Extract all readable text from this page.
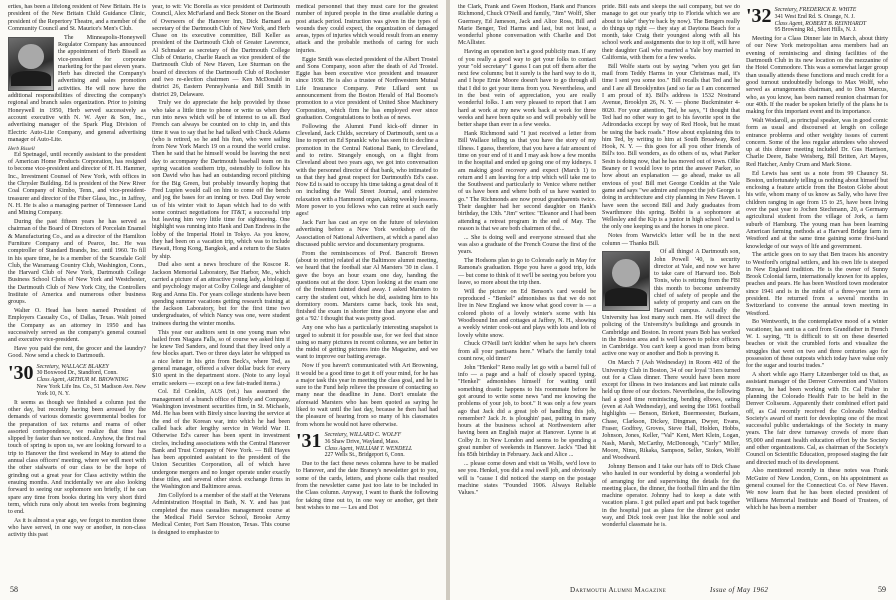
erties, has been a lifelong resident of New Britain. He is president of the New Britain Child Guidance Clinic, president of the Repertory Theatre, and a member of the Community Council and St. Maurice's Men's Club.

The Minneapolis-Honeywell Regulator Company has announced the appointment of Herb Bissell as vice-president for corporate marketing for the past eleven years. Herb has directed the Company's advertising and sales promotion activities. He will now have the additional responsibilities of directing the company's regional and branch sales organization. Prior to joining Honeywell in 1950, Herb served successively as account executive with N. W. Ayer & Son, Inc., advertising manager of the Spark Plug Division of Electric Auto-Lite Company, and general advertising manager of Auto-Lite.

Herb Bissell

Ed Spetnagel, until recently assistant to the president of American Home Products Corporation, has resigned to become vice-president and director of H. H. Hammer, Inc., Investment Counsel of New York, with offices in the Chrysler Building. Ed is president of the New River Coal Company of Kimbo, Tenn., and vice-president-treasurer and director of the Fiber Glass, Inc., in Jaffrey, N. H. He is also a managing partner of Tennessee Land and Mining Company.

During the past fifteen years he has served as chairman of the Board of Directors of Porcelain Enamel & Manufacturing Co., and as a director of the Hamilton Furniture Company and of Pearce, Inc. He was comptroller of Standard Brands, Inc. until 1960. To fill in his spare time, he is a member of the Scarsdale Golf Club, the Waramaug Country Club, Washington, Conn., the Harvard Club of New York, Dartmouth College Business School Clubs of New York and Westchester, the Dartmouth Club of New York City, the Controllers Institute of America and numerous other business groups.

Walter O. Head has been named President of Employers Casualty Co., of Dallas, Texas. Walt joined the Company as an attorney in 1950 and has successively served as the company's general counsel and executive vice-president.

Have you paid the rent, the grocer and the laundry? Good. Now send a check to Dartmouth.

'30 Secretary, WALLACE BLAKEY
30 Boxwood Dr., Standford, Conn.
Class Agent, ARTHUR M. BROWNING
New York Life Ins. Co., 51 Madison Ave. New York 10, N. Y.

It seems as though we finished a column just the other day, but recently having been aroused by the demands of various domestic governmental bodies for the preparation of tax returns and reams of other assorted corrispondence, we realize that time has slipped by faster than we noticed. Anyhow, the first real touch of spring is upon us, we are looking forward to a trip to Hanover the first weekend in May to attend the annual class officers' meeting, where we will meet with the other stalwarts of our class to be the hope of grinding out a great year for Class activity within the ensuing months. And incidentally we are also looking forward to seeing our sophomore son briefly, if he can spare any time from books during his very short third term, which runs only about ten weeks from beginning to end.

As it is almost a year ago, we forgot to mention those who have served, in one way or another, in non-class activity this past

year, to wit: Vic Borella as vice president of Dartmouth Council, Alex McFarland and Beck Stoner on the Board of Overseers of the Hanover Inn, Dick Barnard as secretary of the Dartmouth Club of New York, and Herb Chase on its executive committee, Bill Keller as president of the Dartmouth Club of Greater Lawrence, Al Schmaker as secretary of the Dartmouth College Club of Ontario, Charlie Rauch as vice president of the Dartmouth Club of New Haven, Lee Sturman on the board of directors of the Dartmouth Club of Rochester and two re-election chairmen — Ken McDonald in district 26, Eastern Pennsylvania and Bill Smith in district 29, Delaware.

Truly we do appreciate the help provided by those who take a little time to phone or write us when they run into news which will be of interest to us all. Bud French can always be counted on to chip in, and this time it was to say that he had talked with Chuck Adams (who is retired, so he and his fran, who were sailing from New York March 19 on a round the world cruise. Then he said that he himself would be leaving the next day to accompany the Dartmouth baseball team on its spring vacation southern trip, ostensibly to follow his son David who has had an outstanding record pitching for the Big Green, but probably inwardly hoping that Fred Lupien would call on him to come off the bench and jog the bases for an inning or two. Dud Day wrote us of his winter visit to Japan which had to do with some contract negotiations for IT&T, a successful trip but leaving him very little time for sightseeing. One highlight was running into Hank and Dan Endress in the lobby of the Imperial Hotel in Tokyo. As you know, they had been on a vacation trip, which was to include Hawaii, Hong Kong, Bangkok, and a return to the States by ship.

Dud also sent a news brochure of the Koscoe R. Jackson Memorial Laboratory, Bar Harbor, Me., which carried a picture of an attractive young lady, a biologist, and psychology major at Colby College and daughter of Reg and Anna Eis. For years college students have been spending summer vacations getting research training at the Jackson Laboratory, but for the first time two undergraduates, of which Nancy was one, were student trainees during the winter months.

This year our auditors sent in one young man who hailed from Niagara Falls, so of course we asked him if he knew Ted Sanders, and found that they lived only a few blocks apart. Two or three days later he whipped us a nice letter in his grin from Beck's, where Ted, as general manager, offered a silver dollar buck for every $10 spent in the department store. (Note to any loyal erratic seekers — except on a few fair-traded items.)

Col. Ed Conklin, AUS (ret.) has assumed the management of a branch office of Birely and Company, Washington investment securities firm, in St. Michaels, Md. He has been with Birely since leaving the service at the end of the Korean war, into which he had been called back after lengthy service in World War II. Otherwise Ed's career has been spent in investment circles, including associations with the Central Hanover Bank and Trust Company of New York. — Bill Hayes has been appointed assistant to the president of the Union Securities Corporation, all of which have undergone mergers and no longer operate under exactly these titles, and several other stock exchange firms in the Washington and Baltimore areas.

Jim Collyford is a member of the staff at the Veterans Administration Hospital in Bath, N. Y. and has just completed the mass casualties management course at the Medical Field Service School, Brooke Army Medical Center, Fort Sam Houston, Texas. This course is designed to emphasize to

medical personnel that they must care for the greatest number of injured people in the time available during a post attack period. Instruction was given in the types of wounds they could expect, the organization of damaged areas, types of injuries which would result from an enemy attack and the probable methods of caring for such injuries.

Eggie Smith was elected president of the Albert Trostel and Sons Company, soon after the death of Ad Trostel. Eggie has been executive vice president and treasurer since 1938. He is also a trustee of Northwestern Mutual Life Insurance Company. Pete Lillard sent us announcement from the Boston Herald of Hal Boomo's promotion to a vice president of United Shoe Machinery Corporation, which firm he has employed ever since graduation. Congratulations to both as of news.

Following the Alumni Fund kick-off dinner in Cleveland, Jack Childs, secretary of Dartmouth, sent us a line to report on Ed Spranklc who has seen fit to decline a promotion in the Central National Bank, to Cleveland, and to retire. Strangely enough, on a flight from Cleveland about two years ago, we got into conversation with the personnel director of that bank, who intimated to us that they had great respect for Dartmouth's Ed's case. Now Ed is said to occupy his time taking a great deal of it on including the Wall Street Journal, and extensive relaxation with a Hammond organ, taking weekly lessons. More power to you fellows who can retire at such early ages!

Jack Farr has cast an eye on the future of television advertising before a New York workshop of the Association of National Advertisers, at which a panel also discussed public service and documentary programs.

From the reminiscences of Prof. Bancroft Brown (about to retire) related at the Baltimore alumni meeting, we heard that the football star Al Marsters '30 in class. I gave the boys an hour exam one day, handing the questions out at the door. Upon looking at the exam one of the freshmen fainted dead away. I asked Marsters to carry the student out, which he did, assisting him to his dormitory room. Marsters came back, took his seat, finished the exam in shorter time than anyone else and got a '92.' I thought that was pretty good.

Any one who has a particularly interesting snapshot is urged to submit it for possible use, for we feel that since using so many pictures in recent columns, we are better in the midst of getting pictures into the Magazine, and we want to improve our batting average.

Now if you haven't communicated with Art Browning, it would be a good time to get it off your mind, for he has a major task this year in meeting the class goal, and he is sure to the Fund help relieve the pressure of contacting so many near the deadline in June. Don't emulate the aforesaid Marsters who has been quoted as saying he liked to wait until the last day, because he then had had the pleasure of hearing from so many of his classmates from whom he would not have otherwise.

'31 Secretary, WILLARD C. WOLFF
36 Shaw Drive, Wayland, Mass.
Class Agent, WILLIAM T. WENDELL
227 Wells St., Bridgeport 6, Conn.

Due to the fact these news columns have to be mailed to Hanover, and the date Braney's newsletter got to you, some of the cards, letters, and phone calls that resulted from the newsletter came just too late to be included in the Class column. Anyway, I want to thank the following for taking time out to, in one way or another, get their best wishes to me — Les and Dot

58

the Clark, Frank and Gwen Hodson, Hank and Frances Richmond, Chuck O'Neill and family, "Jim" Wolff, Sher Guernsey, Ed Jameson, Jack and Alice Ross, Bill and Marie Benger, Ted Harms and last, but not least, a wonderful phone conversation with Charlie and Dot McAllister.

Having an operation isn't a good publicity man. If any of you really a good way to get your folks to contact your "old secretary" I guess I can put off them after the next few columns; but it surely is the hard way to do it, and I hope Ernie Moore doesn't have to go through all that I did to get your items from you. Nevertheless, and in the best vein of appreciation, you are really wonderful folks. I am very pleased to report that I am hard at work at my new work back at work for three weeks and have been quite so and will probably will be better shape than ever in a few weeks.

Hank Richmond said "I just received a letter from Bill Wallace telling us that you have the story of my illness. I guess, therefore, that you have a fair amount of time on your end of it and I may ask how a few months in the hospital and ended up going one of my kidneys. I am making good recovery and expect (March 1) to return and I am leaving for a trip which will take me to the Southwest and particularly to Venice where neither of us have been and where both of us have wanted to go." The Richmonds are now proud grandparents twice. Their daughter had her second daughter on Hank's birthday, the 13th. "Jim" writes: "Eleanor and I had been attending a retreat program in the end of May. The reason is that we are both chairmen of the...

... She is doing well and everyone stressed that she was also a graduate of the French Course the first of the years.

The Hodsons plan to go to Colorado early in May for Ramona's graduation. Hope you have a good trip, kids — but come to think of it we'll be seeing you before you leave, so more about the trip then.

Will the picture on Ed Benson's card would be reproduced - "Benkel" admonishes us that we do not live in New England we know what good cover is — a colored photo of a lovely winter's scene with his Woodbound Inn and cottages at Jaffrey, N. H., showing a weekly winter cook-out and plays with lots and lots of lovely white snow.

Chuck O'Neill isn't kiddin' when he says he's cheers from all your partisans here." What's the family total count now, old timer?

John "Henkel" Reno really let go with a barrel full of info — a page and a half of closely spaced typing. "Henkel" admonishes himself for waiting until something drastic happens to his roommate before he got around to write some news "and me knowing the problems of your job, to boot." It was only a few years ago that Jack did a great job of handling this job, remember? Jack Jr. is ploughin' past, putting in many hours at the business school at Northwestern after having been an English major at Hanover. Lynne is at Colby Jr. in New London and seems to be spending a great number of weekends in Hanover. Jack's "Dad hit his 85th birthday in February. Jack and Alice ...

... please come down and visit us Wolfs, we'd love to see you. Henkel, you did a real swell job, and obviously will is "cause I did noticed the stamp on the postage machine states "Founded 1906. Always Reliable Values."

pride. Bill eats and sleeps the sail company, but we do manage to get our yearly trip to Florida which we are about to take" they're back by now). The Bengers really do things up right — they stay at Daytona Beach for a month, take Craig their youngest along with all his school work and assignments due to top it off, will have their daughter Gail who married a Yale boy married in California, with them for a few weeks.

Bill Wolfe starts out by saying "when you get fan mail from Teddy Harms in your Christmas mail, it's time I sent you some too." Bill recalls that Ted and he and I are all Brooklynites (and so far as I am concerned I am proud of it). Bill's address is 1532 Nostrand Avenue, Brooklyn 26, N. Y. — phone Buckminster 4-8020. For your attention, Ted, he says, "I thought that Ted had no other way to get to his favorite spot in the Adirondacks except by way of Red Hook, but he must be using the back roads." How about explaining this to him Ted, by writing to him at South Broadway, Red Hook, N. Y. — this goes for all you other friends of Bill's too. Bill wonders, as do others of us, what Parker Sesin is doing now, that he has moved out of town. Ollie Beaney or I would love to print the answer Parker, so how about an explanation — go ahead, make us all envious of you! Bill met George Conklin at the Yale game and says "we admire and respect the job George is doing in architecture and city planning in New Haven. I have seen the second Bill and Judy graduates from Swarthmore this spring. Bobbi is a sophomore at Wellesley and the Kip is a junior in high school "and is the only one keeping us and the horses in one piece.

Notes from Warwick's letter will be in the next column — Thanks Bill.

Of all things! A Dartmouth son, John Powell '40, is security director at Yale, and now we have to take care of Harvard too. Bob Tonis, who is retiring from the FBI this month to become university chief of safety of people and the safety of property and cars on the Harvard campus. Actually the University has lost many such men. He will direct the policing of the University's buildings and grounds in Cambridge and Boston. In recent years Bob has worked in the Boston area and is well known to police officers in Cambridge. You can't keep a good man from being active one way or another and Bob is proving it.

On March 7 (Ash Wednesday) in Room 402 of the University Club in Boston, 34 of our loyal '31ers turned out for a Class dinner. There would have been more except for illness in two instances and last minute calls held up three of our doctors. Nevertheless, the following had a good time reminiscing, bending elbows, eating (even at Ash Wednesday), and seeing the 1961 football highlights — Benson, Birkett, Buermeester, Burkam, Chase, Clarkson, Dickey, Dingman, Dwyer, Evans, Fraser, Godfrey, Groves, Steve Hall, Holden, Hobbs, Johnson, Jones, Keller, "Val" Kent, Mert Klein, Logan, Nash, Marsh, McCarthy, McDonough, "Curly" Miller, Moore, Nims, Rikaka, Sampson, Seller, Stokes, Wolff and Woodward.

Johnny Benson and I take our hats off to Dick Chase who hauled in our wonderful by doing a wonderful job of arranging for and supervising the details for the meeting place, the dinner, the football film and the film machine operator. Johnny had to keep a date with vacation plans. I got pulled apart and put back together in the hospital just as plans for the dinner got under way, and Dick took over just like the noble soul and wonderful classmate he is.

'32 Secretary, FREDERICK R. WHITE
341 West End Rd. S. Orange, N. J.
Class Agent, ROBERT B. REINHARDT
95 Browning Rd., Short Hills, N. J.

Meeting for a Class Dinner late in March, about thirty of our New York metropolitan area members had an evening of reminiscing and dining facilities of the Dartmouth Club in its new location on the mezzanine of the Hotel Commodore. This was a somewhat larger group than usually attends these functions and much credit for a good turnout undoubtedly belongs to Max Wolff, who served as arrangements chairman, and to Don Marcus, who, as you know, has been named reunion chairman for our 40th. If the reader be spoken briefly of the plans he is making for this important event and its importance.

Walt Wodaroll, as principal speaker, was in good comic form as usual and discoursed at length on college entrance problems and other weighty issues of current concern. Some of the less regular attendees who showed up at this dinner meeting included Dr. Gus Harrison, Charlie Deere, Babe Weisberg, Bill Britten, Art Mayes, Red Hatcher, Amby Crum and Mark Stone.

Ed Lewis has sent us a note from 99 Chauncy St. Boston, unfortunately telling us nothing about himself but enclosing a feature article from the Boston Globe about his wife, whom many of us know as Sally, who have five children ranging in age from 15 to 25, have been living over the past year to Jochen Stechmann, 20, a Germany agricultural student from the village of Jork, a farm suburb of Hamburg. The young man has been learning American farming methods at a Harvard Bridge farm in Westford and at the same time gaining some first-hand knowledge of our ways of life and government.

The article goes on to say that Ben traces his ancestry to Westford's original settlers, and his own life is steeped in New England tradition. He is the owner of Sunny Brook Colonial farm, internationally known for its apples, peaches and pears. He has been Westford town moderator since 1941 and is in the midst of a three-year term as president. He returned from a several months in Switzerland to convene the annual town meeting in Westford.

Bo Wentworth, in the contemplative mood of a winter vacationer, has sent us a card from Grandfather in French W. I. saying, "It is difficult to sit on these deserted beaches or visit the crumbled forts and visualize the struggles that went on two and three centuries ago for possession of these outposts which today have value only for the sugar and tourist trades."

A short while ago Harry Litzenberger told us that, as assistant manager of the Denver Convention and Visitors Bureau, he had been working with Dr. Cal Fisher in planning the Colorado Health Fair to be held in the Denver Coliseum. Apparently their combined effort paid off, as Cal recently received the Colorado Medical Society's award of merit for developing one of the most successful public undertakings of the Society in many years. The fair drew turnaway crowds of more than 95,000 and meant health education effort by the Society and other organizations. Cal, as chairman of the Society's Council on Scientific Education, proposed staging the fair and directed much of its development.

Also mentioned recently in these notes was Frank McGuire of New London, Conn., on his appointment as general counsel for the Connecticut Co. of New Haven. We now learn that he has been elected president of Williams Memorial Institute and Board of Trustees, of which he has been a member

Dartmouth Alumni Magazine	Issue of May 1962	59
